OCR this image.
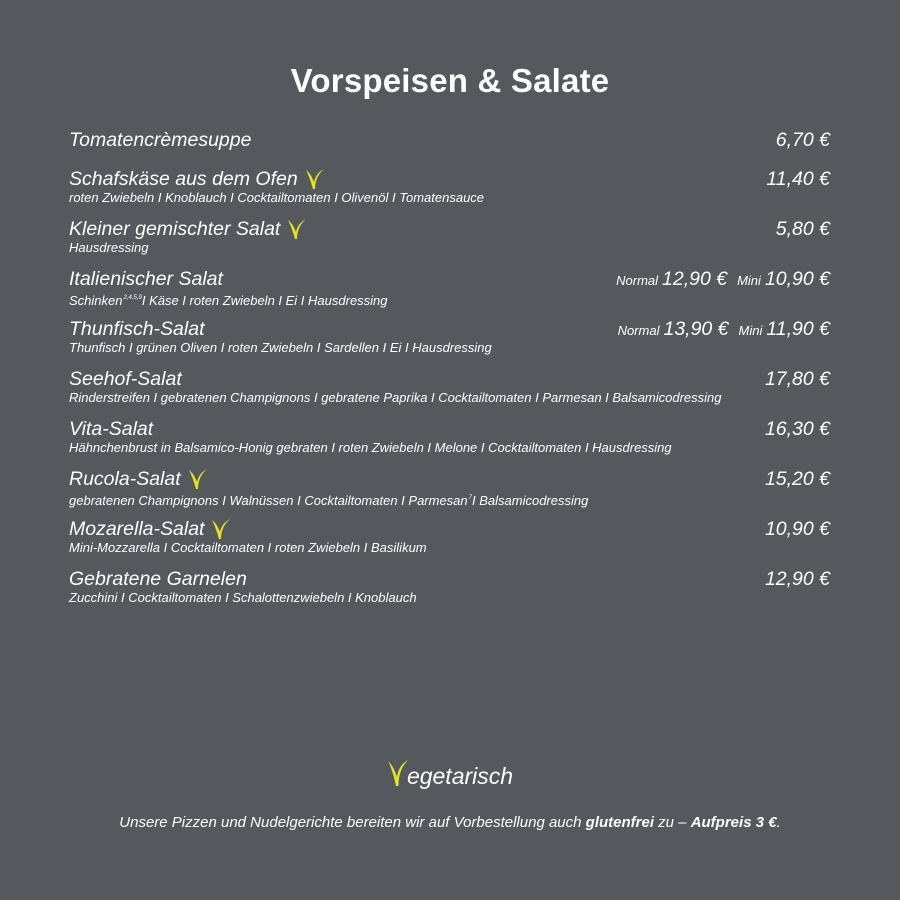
Vorspeisen & Salate
Tomatencrèmesuppe	6,70 €
Schafskäse aus dem Ofen
roten Zwiebeln I Knoblauch I Cocktailtomaten I Olivenöl I Tomatensauce
11,40 €
Kleiner gemischter Salat
Hausdressing
5,80 €
Italienischer Salat
Schinken$^{2,4,5,9}$I Käse I roten Zwiebeln I Ei I Hausdressing
Normal 12,90 € Mini 10,90 €
Thunfisch-Salat
Thunfisch I grünen Oliven I roten Zwiebeln I Sardellen I Ei I Hausdressing
Normal 13,90 € Mini 11,90 €
Seehof-Salat
Rinderstreifen I gebratenen Champignons I gebratene Paprika I Cocktailtomaten I Parmesan I Balsamicodressing
17,80 €
Vita-Salat
Hähnchenbrust in Balsamico-Honig gebraten I roten Zwiebeln I Melone I Cocktailtomaten I Hausdressing
16,30 €
Rucola-Salat
gebratenen Champignons I Walnüssen I Cocktailtomaten I Parmesan$^7$I Balsamicodressing
15,20 €
Mozarella-Salat
Mini-Mozzarella I Cocktailtomaten I roten Zwiebeln I Basilikum
10,90 €
Gebratene Garnelen
Zucchini I Cocktailtomaten I Schalottenzwiebeln I Knoblauch
12,90 €
egetarisch
Unsere Pizzen und Nudelgerichte bereiten wir auf Vorbestellung auch glutenfrei zu – Aufpreis 3 €.
